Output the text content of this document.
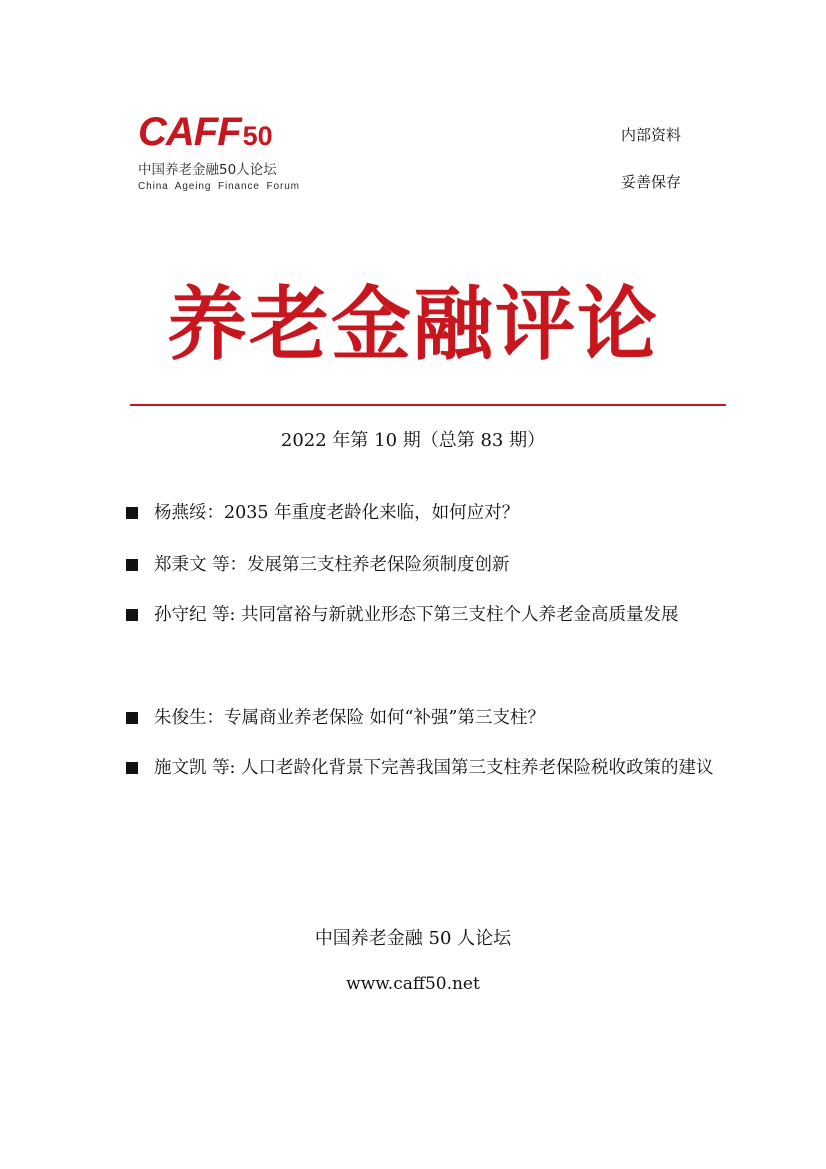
CAFF 50
中国养老金融50人论坛
China Ageing Finance Forum
内部资料
妥善保存
养老金融评论
2022 年第 10 期（总第 83 期）
杨燕绥：2035 年重度老龄化来临，如何应对？
郑秉文 等：发展第三支柱养老保险须制度创新
孙守纪 等: 共同富裕与新就业形态下第三支柱个人养老金高质量发展
朱俊生：专属商业养老保险 如何“补强”第三支柱？
施文凯 等: 人口老龄化背景下完善我国第三支柱养老保险税收政策的建议
中国养老金融 50 人论坛
www.caff50.net
